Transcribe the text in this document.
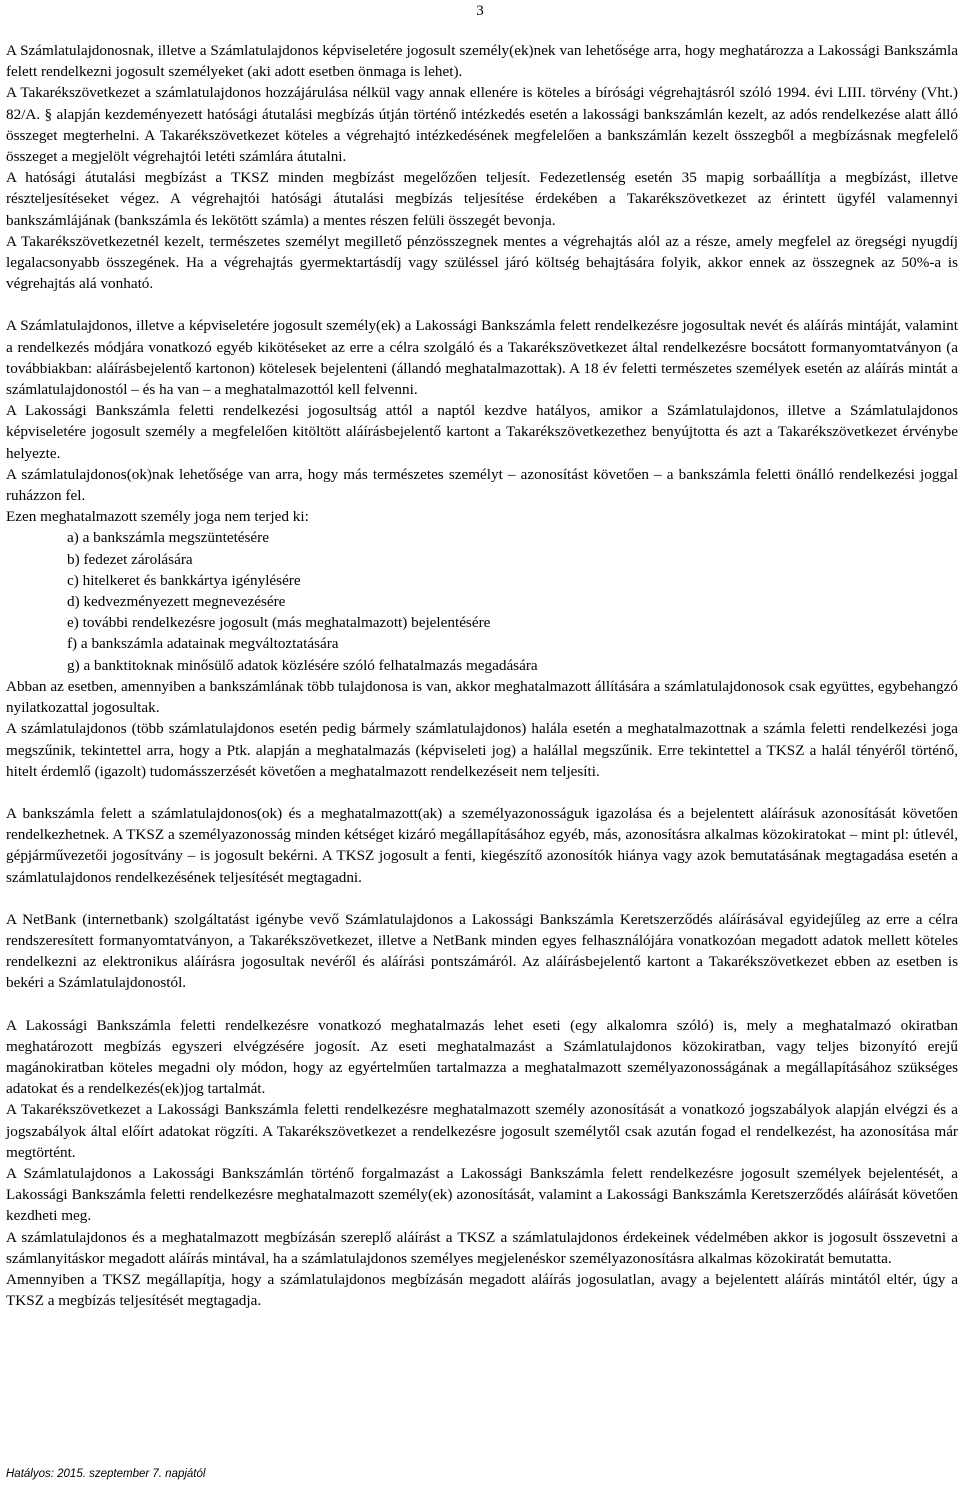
3

A Számlatulajdonosnak, illetve a Számlatulajdonos képviseletére jogosult személy(ek)nek van lehetősége arra, hogy meghatározza a Lakossági Bankszámla felett rendelkezni jogosult személyeket (aki adott esetben önmaga is lehet).

A Takarékszövetkezet a számlatulajdonos hozzájárulása nélkül vagy annak ellenére is köteles a bírósági végrehajtásról szóló 1994. évi LIII. törvény (Vht.) 82/A. § alapján kezdeményezett hatósági átutalási megbízás útján történő intézkedés esetén a lakossági bankszámlán kezelt, az adós rendelkezése alatt álló összeget megterhelni. A Takarékszövetkezet köteles a végrehajtó intézkedésének megfelelően a bankszámlán kezelt összegből a megbízásnak megfelelő összeget a megjelölt végrehajtói letéti számlára átutalni.

A hatósági átutalási megbízást a TKSZ minden megbízást megelőzően teljesít. Fedezetlenség esetén 35 mapig sorbaállítja a megbízást, illetve részteljesítéseket végez. A végrehajtói hatósági átutalási megbízás teljesítése érdekében a Takarékszövetkezet az érintett ügyfél valamennyi bankszámlájának (bankszámla és lekötött számla) a mentes részen felüli összegét bevonja.

A Takarékszövetkezetnél kezelt, természetes személyt megillető pénzösszegnek mentes a végrehajtás alól az a része, amely megfelel az öregségi nyugdíj legalacsonyabb összegének. Ha a végrehajtás gyermektartásdíj vagy szüléssel járó költség behajtására folyik, akkor ennek az összegnek az 50%-a is végrehajtás alá vonható.

A Számlatulajdonos, illetve a képviseletére jogosult személy(ek) a Lakossági Bankszámla felett rendelkezésre jogosultak nevét és aláírás mintáját, valamint a rendelkezés módjára vonatkozó egyéb kikötéseket az erre a célra szolgáló és a Takarékszövetkezet által rendelkezésre bocsátott formanyomtatványon (a továbbiakban: aláírásbejelentő kartonon) kötelesek bejelenteni (állandó meghatalmazottak). A 18 év feletti természetes személyek esetén az aláírás mintát a számlatulajdonostól – és ha van – a meghatalmazottól kell felvenni.

A Lakossági Bankszámla feletti rendelkezési jogosultság attól a naptól kezdve hatályos, amikor a Számlatulajdonos, illetve a Számlatulajdonos képviseletére jogosult személy a megfelelően kitöltött aláírásbejelentő kartont a Takarékszövetkezethez benyújtotta és azt a Takarékszövetkezet érvénybe helyezte.

A számlatulajdonos(ok)nak lehetősége van arra, hogy más természetes személyt – azonosítást követően – a bankszámla feletti önálló rendelkezési joggal ruházzon fel.

Ezen meghatalmazott személy joga nem terjed ki:

a) a bankszámla megszüntetésére
b) fedezet zárolására
c) hitelkeret és bankkártya igénylésére
d) kedvezményezett megnevezésére
e) további rendelkezésre jogosult (más meghatalmazott) bejelentésére
f) a bankszámla adatainak megváltoztatására
g) a banktitoknak minősülő adatok közlésére szóló felhatalmazás megadására

Abban az esetben, amennyiben a bankszámlának több tulajdonosa is van, akkor meghatalmazott állítására a számlatulajdonosok csak együttes, egybehangzó nyilatkozattal jogosultak.

A számlatulajdonos (több számlatulajdonos esetén pedig bármely számlatulajdonos) halála esetén a meghatalmazottnak a számla feletti rendelkezési joga megszűnik, tekintettel arra, hogy a Ptk. alapján a meghatalmazás (képviseleti jog) a halállal megszűnik. Erre tekintettel a TKSZ a halál tényéről történő, hitelt érdemlő (igazolt) tudomásszerzését követően a meghatalmazott rendelkezéseit nem teljesíti.

A bankszámla felett a számlatulajdonos(ok) és a meghatalmazott(ak) a személyazonosságuk igazolása és a bejelentett aláírásuk azonosítását követően rendelkezhetnek. A TKSZ a személyazonosság minden kétséget kizáró megállapításához egyéb, más, azonosításra alkalmas közokiratokat – mint pl: útlevél, gépjárművezetői jogosítvány – is jogosult bekérni. A TKSZ jogosult a fenti, kiegészítő azonosítók hiánya vagy azok bemutatásának megtagadása esetén a számlatulajdonos rendelkezésének teljesítését megtagadni.

A NetBank (internetbank) szolgáltatást igénybe vevő Számlatulajdonos a Lakossági Bankszámla Keretszerződés aláírásával egyidejűleg az erre a célra rendszeresített formanyomtatványon, a Takarékszövetkezet, illetve a NetBank minden egyes felhasználójára vonatkozóan megadott adatok mellett köteles rendelkezni az elektronikus aláírásra jogosultak nevéről és aláírási pontszámáról. Az aláírásbejelentő kartont a Takarékszövetkezet ebben az esetben is bekéri a Számlatulajdonostól.

A Lakossági Bankszámla feletti rendelkezésre vonatkozó meghatalmazás lehet eseti (egy alkalomra szóló) is, mely a meghatalmazó okiratban meghatározott megbízás egyszeri elvégzésére jogosít. Az eseti meghatalmazást a Számlatulajdonos közokiratban, vagy teljes bizonyító erejű magánokiratban köteles megadni oly módon, hogy az egyértelműen tartalmazza a meghatalmazott személyazonosságának a megállapításához szükséges adatokat és a rendelkezés(ek)jog tartalmát.

A Takarékszövetkezet a Lakossági Bankszámla feletti rendelkezésre meghatalmazott személy azonosítását a vonatkozó jogszabályok alapján elvégzi és a jogszabályok által előírt adatokat rögzíti. A Takarékszövetkezet a rendelkezésre jogosult személytől csak azután fogad el rendelkezést, ha azonosítása már megtörtént.

A Számlatulajdonos a Lakossági Bankszámlán történő forgalmazást a Lakossági Bankszámla felett rendelkezésre jogosult személyek bejelentését, a Lakossági Bankszámla feletti rendelkezésre meghatalmazott személy(ek) azonosítását, valamint a Lakossági Bankszámla Keretszerződés aláírását követően kezdheti meg.

A számlatulajdonos és a meghatalmazott megbízásán szereplő aláírást a TKSZ a számlatulajdonos érdekeinek védelmében akkor is jogosult összevetni a számlanyitáskor megadott aláírás mintával, ha a számlatulajdonos személyes megjelenéskor személyazonosításra alkalmas közokiratát bemutatta.

Amennyiben a TKSZ megállapítja, hogy a számlatulajdonos megbízásán megadott aláírás jogosulatlan, avagy a bejelentett aláírás mintától eltér, úgy a TKSZ a megbízás teljesítését megtagadja.

Hatályos: 2015. szeptember 7. napjától
